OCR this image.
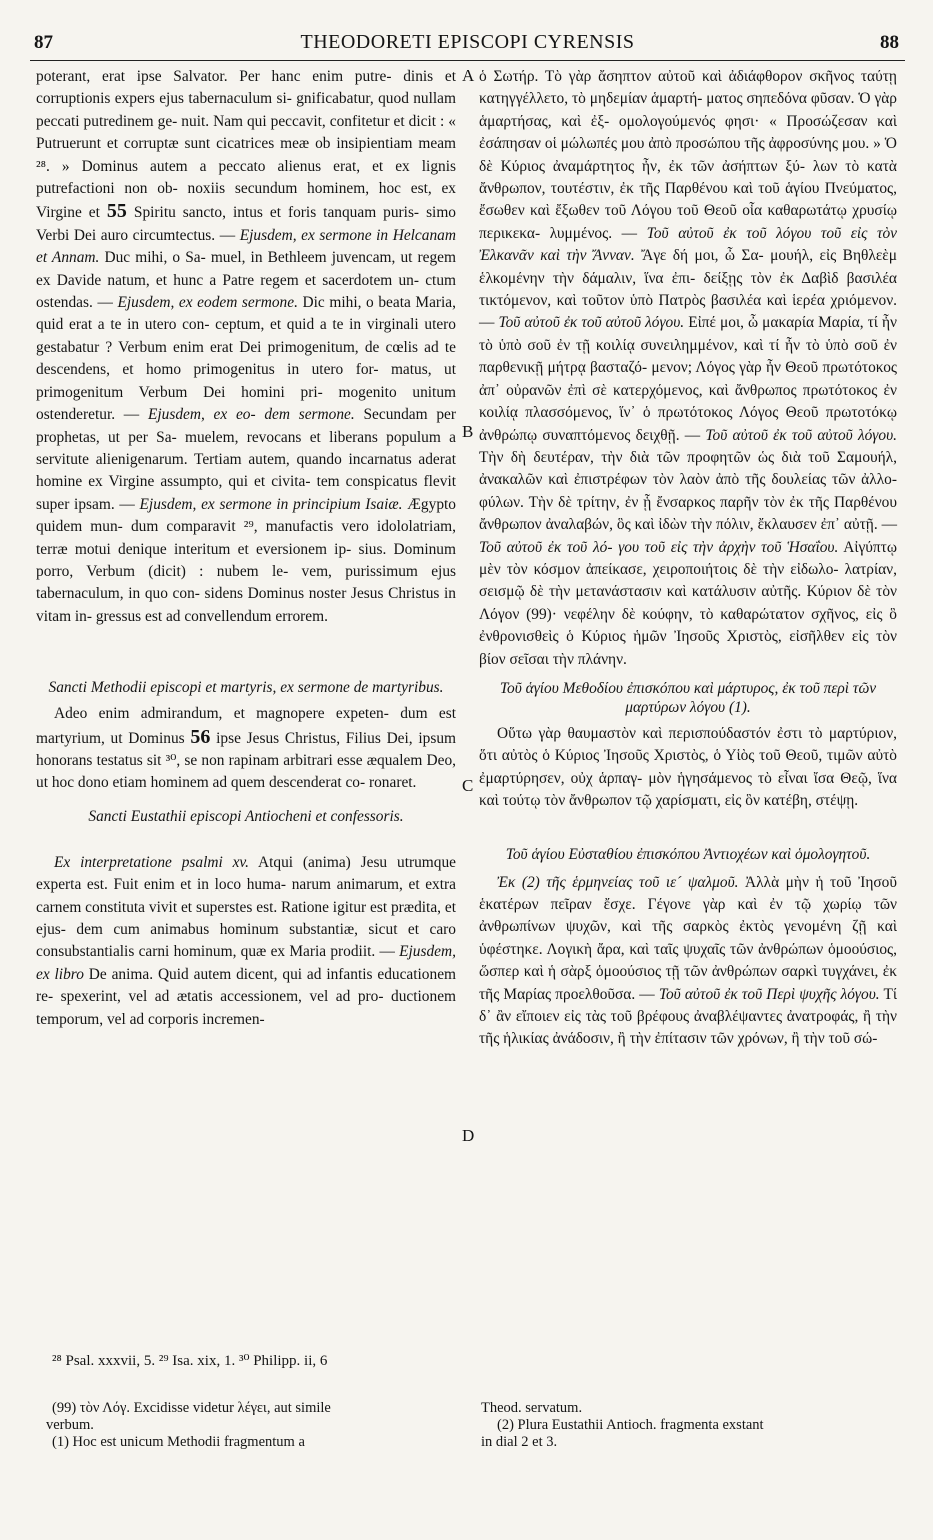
87	THEODORETI EPISCOPI CYRENSIS	88
A
B
C
D

poterant, erat ipse Salvator. Per hanc enim putre- dinis et corruptionis expers ejus tabernaculum si- gnificabatur, quod nullam peccati putredinem ge- nuit. Nam qui peccavit, confitetur et dicit : « Putruerunt et corruptæ sunt cicatrices meæ ob insipientiam meam ²⁸. » Dominus autem a peccato alienus erat, et ex lignis putrefactioni non ob- noxiis secundum hominem, hoc est, ex Virgine et 55 Spiritu sancto, intus et foris tanquam puris- simo Verbi Dei auro circumtectus. — Ejusdem, ex sermone in Helcanam et Annam. Duc mihi, o Sa- muel, in Bethleem juvencam, ut regem ex Davide natum, et hunc a Patre regem et sacerdotem un- ctum ostendas. — Ejusdem, ex eodem sermone. Dic mihi, o beata Maria, quid erat a te in utero con- ceptum, et quid a te in virginali utero gestabatur ? Verbum enim erat Dei primogenitum, de cœlis ad te descendens, et homo primogenitus in utero for- matus, ut primogenitum Verbum Dei homini pri- mogenito unitum ostenderetur. — Ejusdem, ex eo- dem sermone. Secundam per prophetas, ut per Sa- muelem, revocans et liberans populum a servitute alienigenarum. Tertiam autem, quando incarnatus aderat homine ex Virgine assumpto, qui et civita- tem conspicatus flevit super ipsam. — Ejusdem, ex sermone in principium Isaiæ. Ægypto quidem mun- dum comparavit ²⁹, manufactis vero idololatriam, terræ motui denique interitum et eversionem ip- sius. Dominum porro, Verbum (dicit) : nubem le- vem, purissimum ejus tabernaculum, in quo con- sidens Dominus noster Jesus Christus in vitam in- gressus est ad convellendum errorem.

Sancti Methodii episcopi et martyris, ex sermone de martyribus.

Adeo enim admirandum, et magnopere expeten- dum est martyrium, ut Dominus 56 ipse Jesus Christus, Filius Dei, ipsum honorans testatus sit ³⁰, se non rapinam arbitrari esse æqualem Deo, ut hoc dono etiam hominem ad quem descenderat co- ronaret.

Sancti Eustathii episcopi Antiocheni et confessoris.

Ex interpretatione psalmi xv. Atqui (anima) Jesu utrumque experta est. Fuit enim et in loco huma- narum animarum, et extra carnem constituta vivit et superstes est. Ratione igitur est prædita, et ejus- dem cum animabus hominum substantiæ, sicut et caro consubstantialis carni hominum, quæ ex Maria prodiit. — Ejusdem, ex libro De anima. Quid autem dicent, qui ad infantis educationem re- spexerint, vel ad ætatis accessionem, vel ad pro- ductionem temporum, vel ad corporis incremen-

ὁ Σωτήρ. Τὸ γὰρ ἄσηπτον αὐτοῦ καὶ ἀδιάφθορον σκῆνος ταύτῃ κατηγγέλλετο, τὸ μηδεμίαν ἁμαρτή- ματος σηπεδόνα φῦσαν. Ὁ γὰρ ἁμαρτήσας, καὶ ἐξ- ομολογούμενός φησι· « Προσώζεσαν καὶ ἐσάπησαν οἱ μώλωπές μου ἀπὸ προσώπου τῆς ἀφροσύνης μου. » Ὁ δὲ Κύριος ἀναμάρτητος ἦν, ἐκ τῶν ἀσήπτων ξύ- λων τὸ κατὰ ἄνθρωπον, τουτέστιν, ἐκ τῆς Παρθένου καὶ τοῦ ἁγίου Πνεύματος, ἔσωθεν καὶ ἔξωθεν τοῦ Λόγου τοῦ Θεοῦ οἷα καθαρωτάτῳ χρυσίῳ περικεκα- λυμμένος. — Τοῦ αὐτοῦ ἐκ τοῦ λόγου τοῦ εἰς τὸν Ἐλκανᾶν καὶ τὴν Ἄνναν. Ἄγε δή μοι, ὦ Σα- μουήλ, εἰς Βηθλεὲμ ἑλκομένην τὴν δάμαλιν, ἵνα ἐπι- δείξῃς τὸν ἐκ Δαβὶδ βασιλέα τικτόμενον, καὶ τοῦτον ὑπὸ Πατρὸς βασιλέα καὶ ἱερέα χριόμενον. — Τοῦ αὐτοῦ ἐκ τοῦ αὐτοῦ λόγου. Εἰπέ μοι, ὦ μακαρία Μαρία, τί ἦν τὸ ὑπὸ σοῦ ἐν τῇ κοιλίᾳ συνειλημμένον, καὶ τί ἦν τὸ ὑπὸ σοῦ ἐν παρθενικῇ μήτρᾳ βασταζό- μενον; Λόγος γὰρ ἦν Θεοῦ πρωτότοκος ἀπ᾽ οὐρανῶν ἐπὶ σὲ κατερχόμενος, καὶ ἄνθρωπος πρωτότοκος ἐν κοιλίᾳ πλασσόμενος, ἵν᾽ ὁ πρωτότοκος Λόγος Θεοῦ πρωτοτόκῳ ἀνθρώπῳ συναπτόμενος δειχθῇ. — Τοῦ αὐτοῦ ἐκ τοῦ αὐτοῦ λόγου. Τὴν δὴ δευτέραν, τὴν διὰ τῶν προφητῶν ὡς διὰ τοῦ Σαμουήλ, ἀνακαλῶν καὶ ἐπιστρέφων τὸν λαὸν ἀπὸ τῆς δουλείας τῶν ἀλλο- φύλων. Τὴν δὲ τρίτην, ἐν ᾗ ἔνσαρκος παρῆν τὸν ἐκ τῆς Παρθένου ἄνθρωπον ἀναλαβών, ὃς καὶ ἰδὼν τὴν πόλιν, ἔκλαυσεν ἐπ᾽ αὐτῇ. — Τοῦ αὐτοῦ ἐκ τοῦ λό- γου τοῦ εἰς τὴν ἀρχὴν τοῦ Ἡσαΐου. Αἰγύπτῳ μὲν τὸν κόσμον ἀπείκασε, χειροποιήτοις δὲ τὴν εἰδωλο- λατρίαν, σεισμῷ δὲ τὴν μετανάστασιν καὶ κατάλυσιν αὐτῆς. Κύριον δὲ τὸν Λόγον (99)· νεφέλην δὲ κούφην, τὸ καθαρώτατον σχῆνος, εἰς ὃ ἐνθρονισθεὶς ὁ Κύριος ἡμῶν Ἰησοῦς Χριστὸς, εἰσῆλθεν εἰς τὸν βίον σεῖσαι τὴν πλάνην.

Τοῦ ἁγίου Μεθοδίου ἐπισκόπου καὶ μάρτυρος, ἐκ τοῦ περὶ τῶν μαρτύρων λόγου (1).

Οὕτω γὰρ θαυμαστὸν καὶ περισπούδαστόν ἐστι τὸ μαρτύριον, ὅτι αὐτὸς ὁ Κύριος Ἰησοῦς Χριστὸς, ὁ Υἱὸς τοῦ Θεοῦ, τιμῶν αὐτὸ ἐμαρτύρησεν, οὐχ ἁρπαγ- μὸν ἡγησάμενος τὸ εἶναι ἴσα Θεῷ, ἵνα καὶ τούτῳ τὸν ἄνθρωπον τῷ χαρίσματι, εἰς ὃν κατέβη, στέψῃ.

Τοῦ ἁγίου Εὐσταθίου ἐπισκόπου Ἀντιοχέων καὶ ὁμολογητοῦ.

Ἐκ (2) τῆς ἑρμηνείας τοῦ ιε´ ψαλμοῦ. Ἀλλὰ μὴν ἡ τοῦ Ἰησοῦ ἑκατέρων πεῖραν ἔσχε. Γέγονε γὰρ καὶ ἐν τῷ χωρίῳ τῶν ἀνθρωπίνων ψυχῶν, καὶ τῆς σαρκὸς ἐκτὸς γενομένη ζῇ καὶ ὑφέστηκε. Λογικὴ ἄρα, καὶ ταῖς ψυχαῖς τῶν ἀνθρώπων ὁμοούσιος, ὥσπερ καὶ ἡ σὰρξ ὁμοούσιος τῇ τῶν ἀνθρώπων σαρκὶ τυγχάνει, ἐκ τῆς Μαρίας προελθοῦσα. — Τοῦ αὐτοῦ ἐκ τοῦ Περὶ ψυχῆς λόγου. Τί δ᾽ ἂν εἴποιεν εἰς τὰς τοῦ βρέφους ἀναβλέψαντες ἀνατροφάς, ἢ τὴν τῆς ἡλικίας ἀνάδοσιν, ἢ τὴν ἐπίτασιν τῶν χρόνων, ἢ τὴν τοῦ σώ-

²⁸ Psal. xxxvii, 5. ²⁹ Isa. xix, 1. ³⁰ Philipp. ii, 6

(99) τὸν Λόγ. Excidisse videtur λέγει, aut simile

verbum.

(1) Hoc est unicum Methodii fragmentum a

Theod. servatum.

(2) Plura Eustathii Antioch. fragmenta exstant

in dial 2 et 3.
